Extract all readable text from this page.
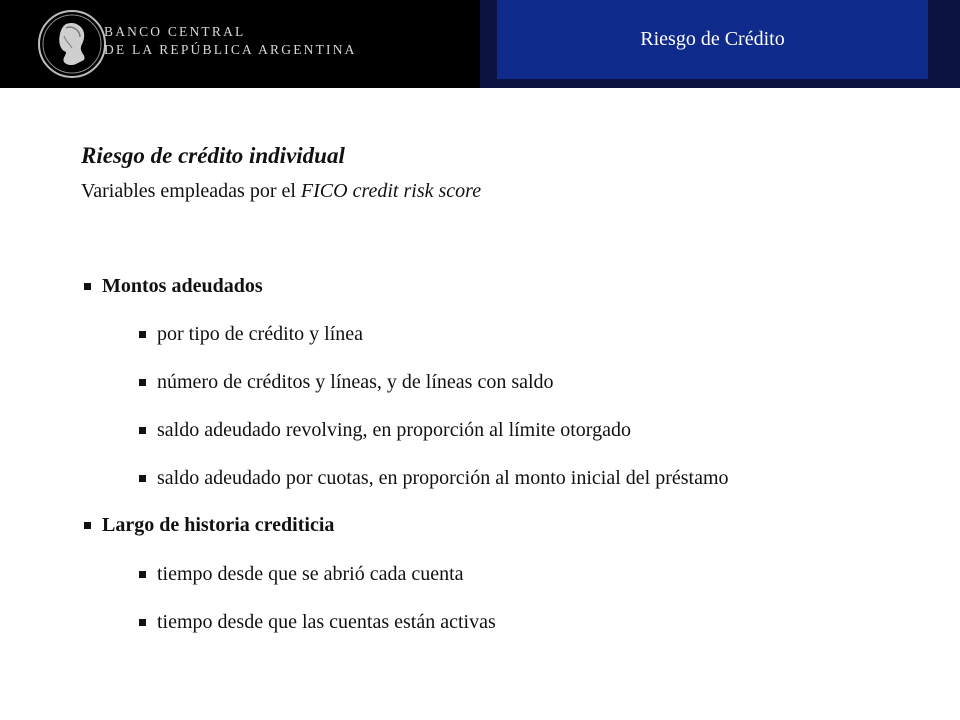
BANCO CENTRAL
DE LA REPÚBLICA ARGENTINA	Riesgo de Crédito
Riesgo de crédito individual
Variables empleadas por el FICO credit risk score
Montos adeudados
por tipo de crédito y línea
número de créditos y líneas, y de líneas con saldo
saldo adeudado revolving, en proporción al límite otorgado
saldo adeudado por cuotas, en proporción al monto inicial del préstamo
Largo de historia crediticia
tiempo desde que se abrió cada cuenta
tiempo desde que las cuentas están activas
